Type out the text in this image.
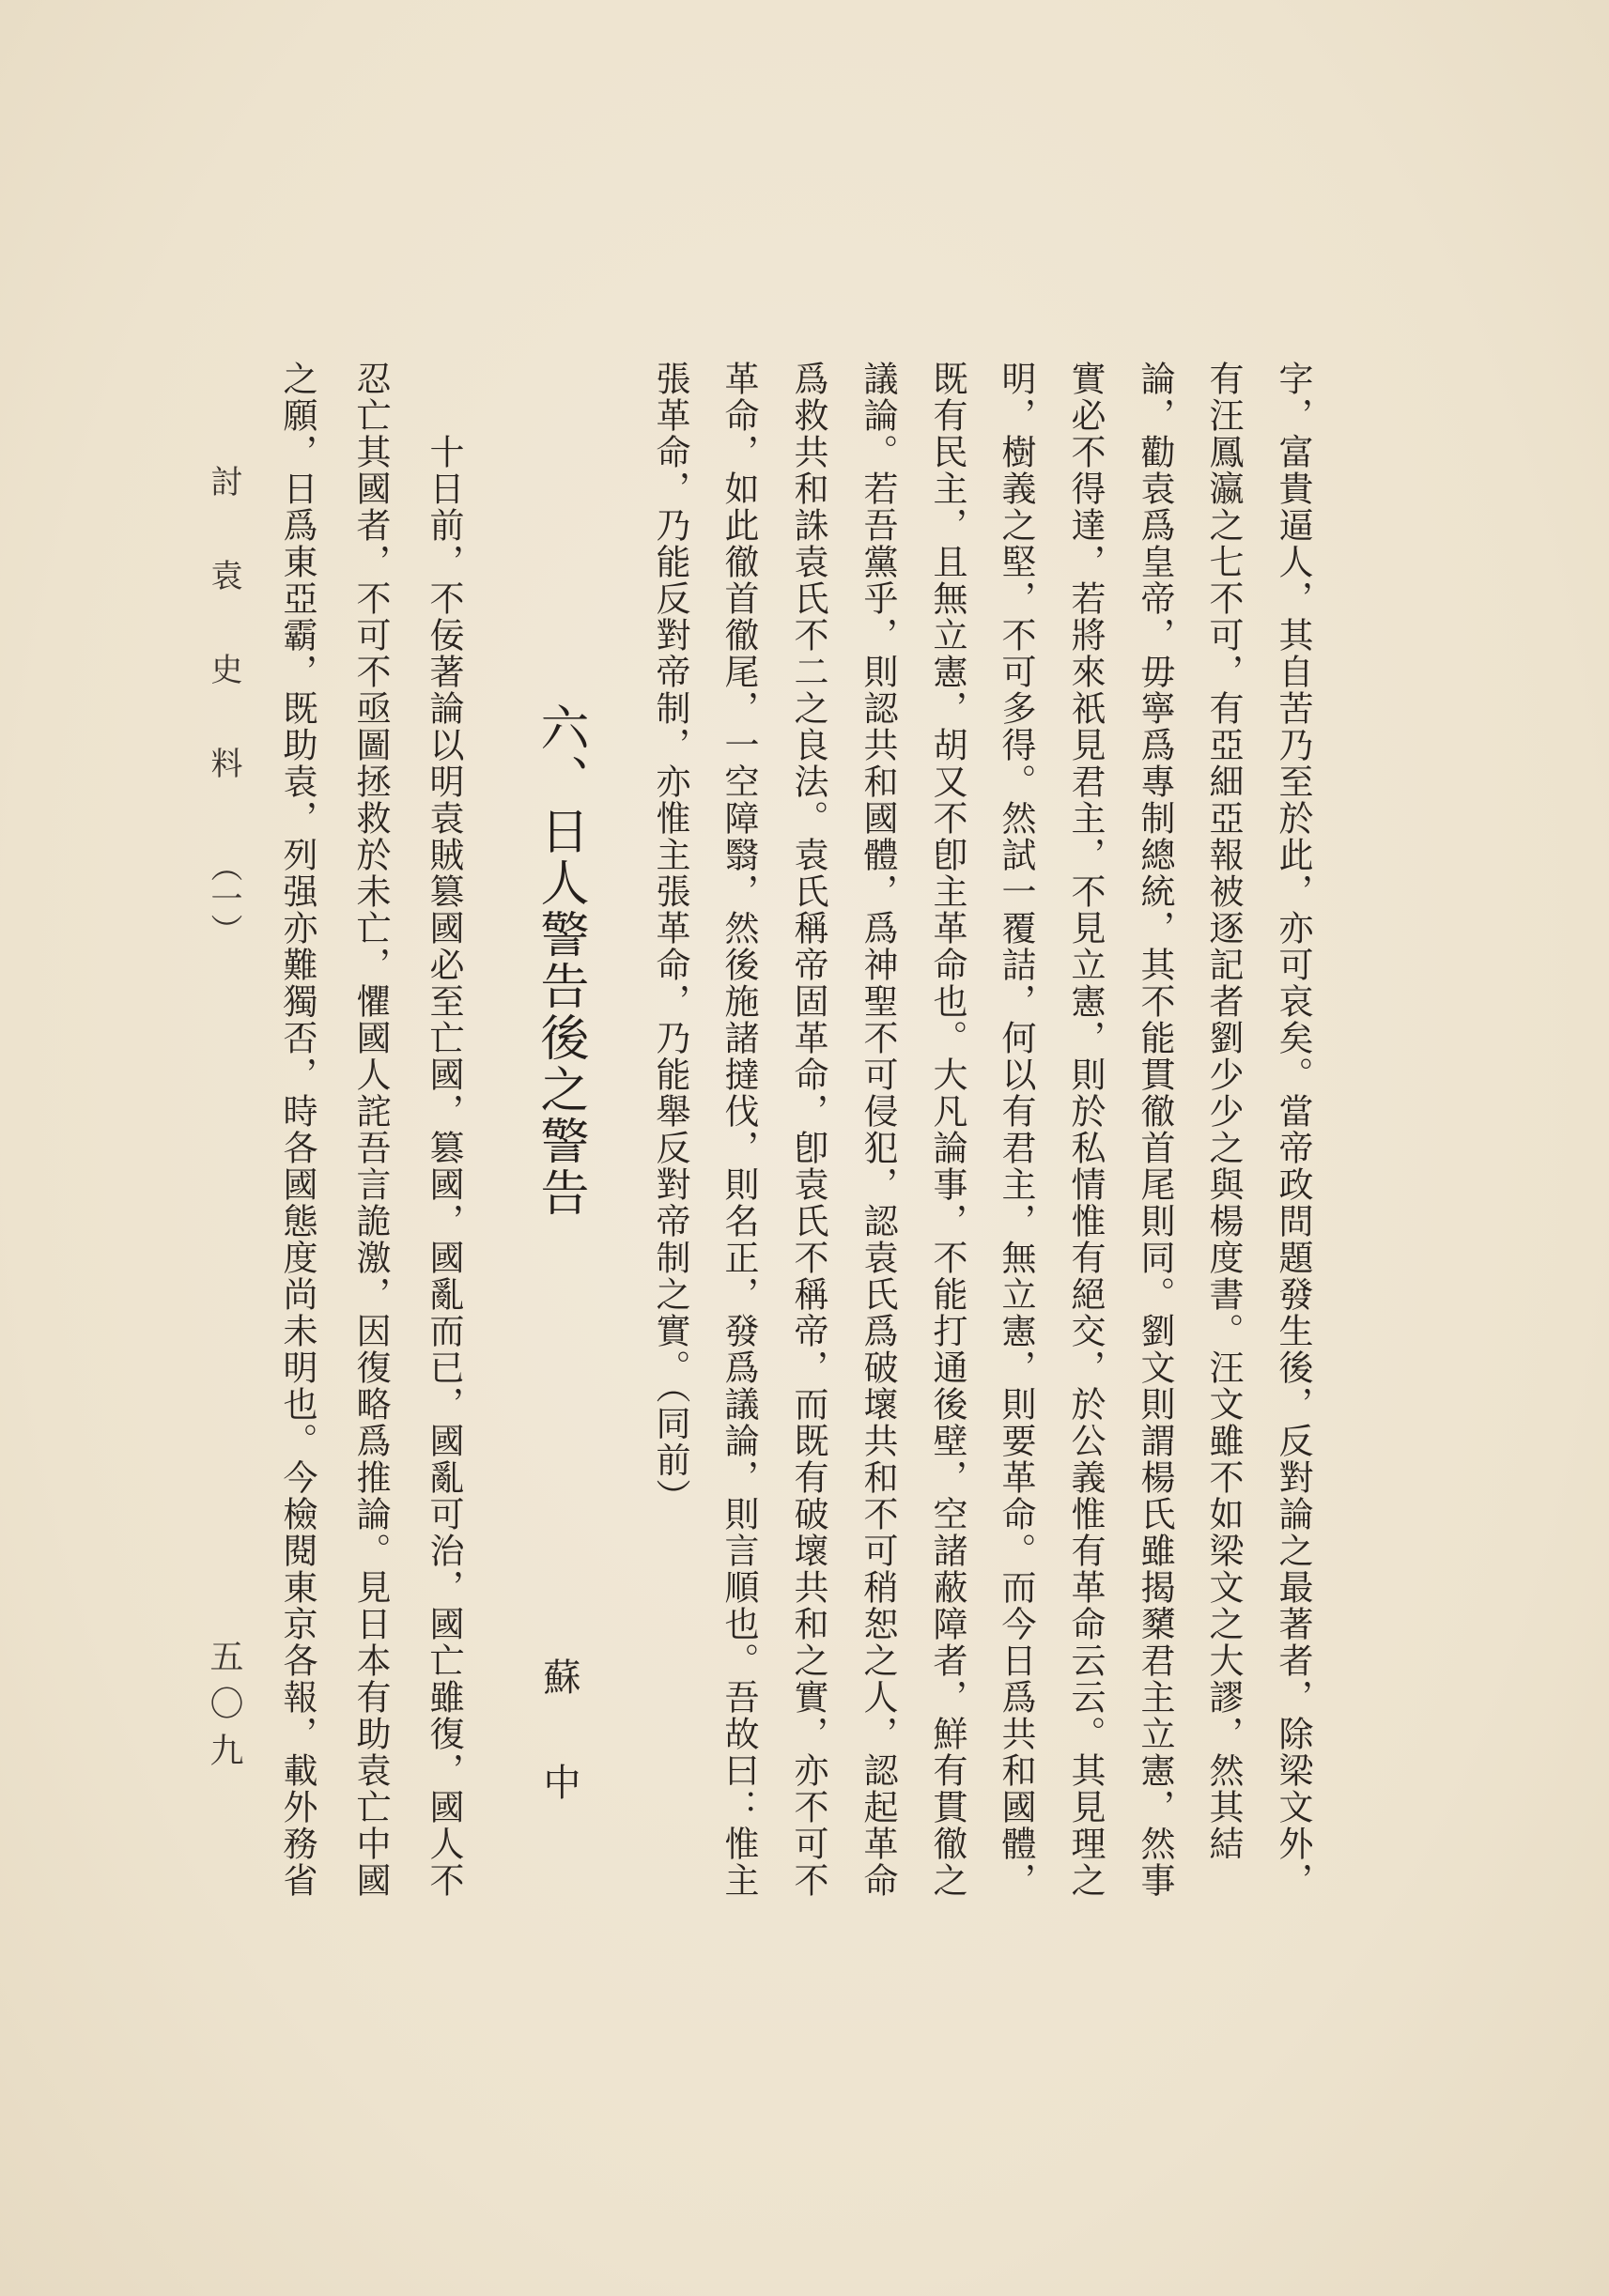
字，富貴逼人，其自苦乃至於此，亦可哀矣。當帝政問題發生後，反對論之最著者，除梁文外，
有汪鳳瀛之七不可，有亞細亞報被逐記者劉少少之與楊度書。汪文雖不如梁文之大謬，然其結
論，勸袁爲皇帝，毋寧爲專制總統，其不能貫徹首尾則同。劉文則謂楊氏雖揭櫫君主立憲，然事
實必不得達，若將來祇見君主，不見立憲，則於私情惟有絕交，於公義惟有革命云云。其見理之
明，樹義之堅，不可多得。然試一覆詰，何以有君主，無立憲，則要革命。而今日爲共和國體，
既有民主，且無立憲，胡又不卽主革命也。大凡論事，不能打通後壁，空諸蔽障者，鮮有貫徹之
議論。若吾黨乎，則認共和國體，爲神聖不可侵犯，認袁氏爲破壞共和不可稍恕之人，認起革命
爲救共和誅袁氏不二之良法。袁氏稱帝固革命，卽袁氏不稱帝，而既有破壞共和之實，亦不可不
革命，如此徹首徹尾，一空障翳，然後施諸撻伐，則名正，發爲議論，則言順也。吾故曰：惟主
張革命，乃能反對帝制，亦惟主張革命，乃能舉反對帝制之實。（同前）
六、日人警告後之警告
蘇　中
十日前，不佞著論以明袁賊篡國必至亡國，篡國，國亂而已，國亂可治，國亡雖復，國人不
忍亡其國者，不可不亟圖拯救於未亡，懼國人詫吾言詭激，因復略爲推論。見日本有助袁亡中國
之願，日爲東亞霸，既助袁，列强亦難獨否，時各國態度尚未明也。今檢閱東京各報，載外務省
討袁史料
（一）
五〇九
